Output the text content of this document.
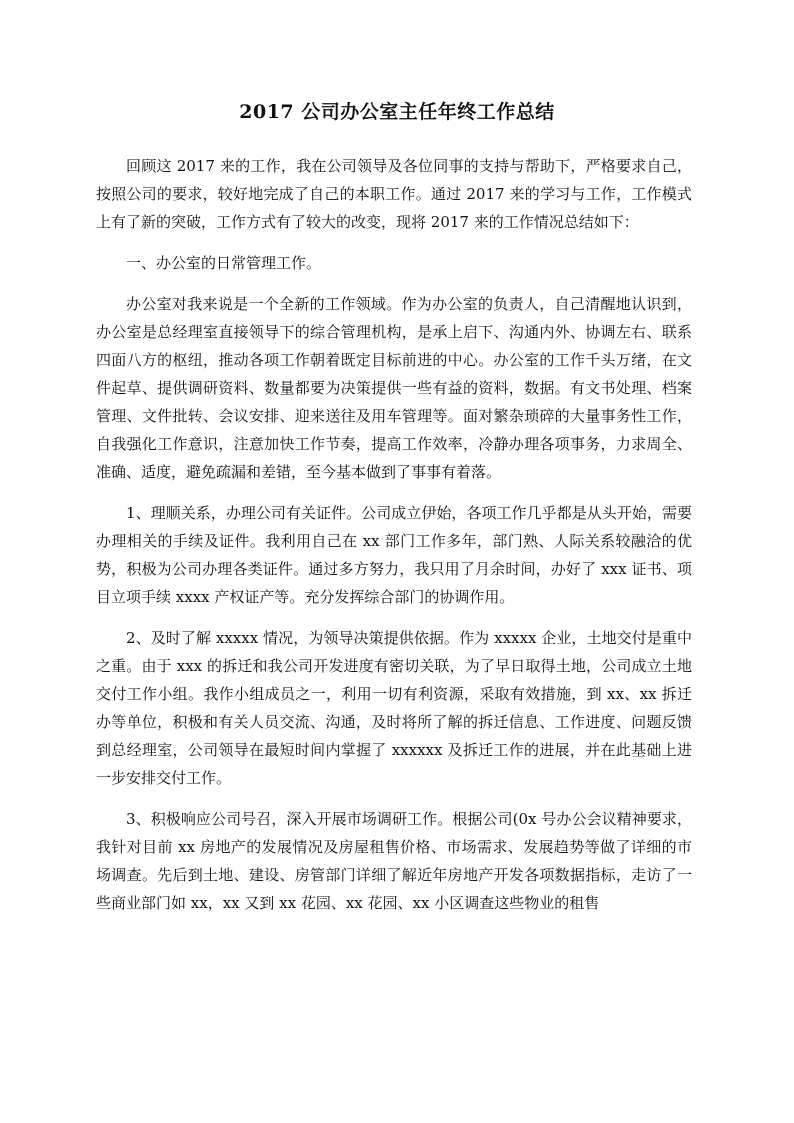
2017 公司办公室主任年终工作总结

回顾这 2017 来的工作，我在公司领导及各位同事的支持与帮助下，严格要求自己，按照公司的要求，较好地完成了自己的本职工作。通过 2017 来的学习与工作，工作模式上有了新的突破，工作方式有了较大的改变，现将 2017 来的工作情况总结如下：

一、办公室的日常管理工作。

办公室对我来说是一个全新的工作领域。作为办公室的负责人，自己清醒地认识到，办公室是总经理室直接领导下的综合管理机构，是承上启下、沟通内外、协调左右、联系四面八方的枢纽，推动各项工作朝着既定目标前进的中心。办公室的工作千头万绪，在文件起草、提供调研资料、数量都要为决策提供一些有益的资料，数据。有文书处理、档案管理、文件批转、会议安排、迎来送往及用车管理等。面对繁杂琐碎的大量事务性工作，自我强化工作意识，注意加快工作节奏，提高工作效率，冷静办理各项事务，力求周全、准确、适度，避免疏漏和差错，至今基本做到了事事有着落。

1、理顺关系，办理公司有关证件。公司成立伊始，各项工作几乎都是从头开始，需要办理相关的手续及证件。我利用自己在 xx 部门工作多年，部门熟、人际关系较融洽的优势，积极为公司办理各类证件。通过多方努力，我只用了月余时间，办好了 xxx 证书、项目立项手续 xxxx 产权证产等。充分发挥综合部门的协调作用。

2、及时了解 xxxxx 情况，为领导决策提供依据。作为 xxxxx 企业，土地交付是重中之重。由于 xxx 的拆迁和我公司开发进度有密切关联，为了早日取得土地，公司成立土地交付工作小组。我作小组成员之一，利用一切有利资源，采取有效措施，到 xx、xx 拆迁办等单位，积极和有关人员交流、沟通，及时将所了解的拆迁信息、工作进度、问题反馈到总经理室，公司领导在最短时间内掌握了 xxxxxx 及拆迁工作的进展，并在此基础上进一步安排交付工作。

3、积极响应公司号召，深入开展市场调研工作。根据公司(0x 号办公会议精神要求，我针对目前 xx 房地产的发展情况及房屋租售价格、市场需求、发展趋势等做了详细的市场调查。先后到土地、建设、房管部门详细了解近年房地产开发各项数据指标，走访了一些商业部门如 xx，xx 又到 xx 花园、xx 花园、xx 小区调查这些物业的租售
